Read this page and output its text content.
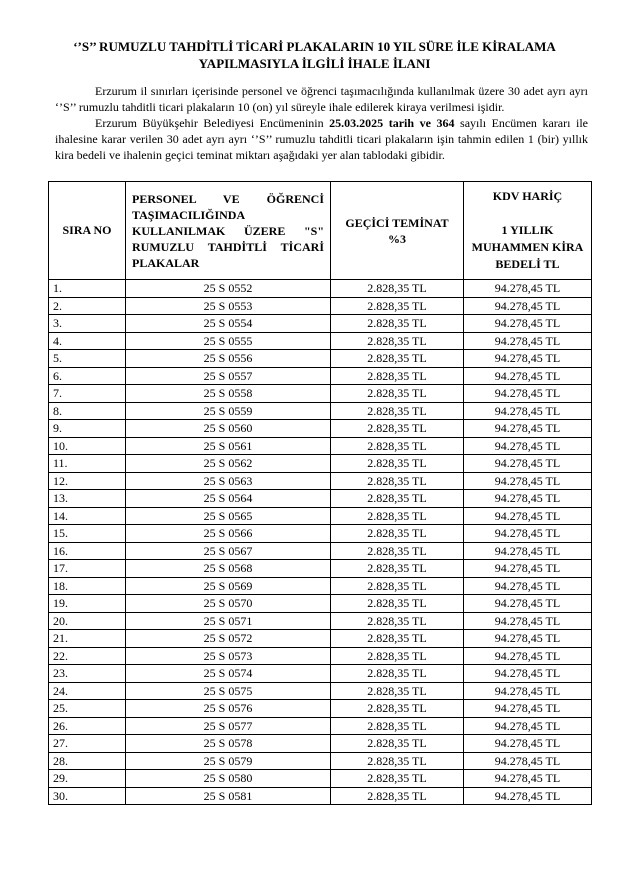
‘’S’’ RUMUZLU TAHDİTLİ TİCARİ PLAKALARIN 10 YIL SÜRE İLE KİRALAMA
YAPILMASIYLA İLGİLİ İHALE İLANI
Erzurum il sınırları içerisinde personel ve öğrenci taşımacılığında kullanılmak üzere 30 adet ayrı ayrı ‘’S’’ rumuzlu tahditli ticari plakaların 10 (on) yıl süreyle ihale edilerek kiraya verilmesi işidir.
Erzurum Büyükşehir Belediyesi Encümeninin 25.03.2025 tarih ve 364 sayılı Encümen kararı ile ihalesine karar verilen 30 adet ayrı ayrı ‘’S’’ rumuzlu tahditli ticari plakaların işin tahmin edilen 1 (bir) yıllık kira bedeli ve ihalenin geçici teminat miktarı aşağıdaki yer alan tablodaki gibidir.
SIRA NO	PERSONEL VE ÖĞRENCİ TAŞIMACILIĞINDA KULLANILMAK ÜZERE "S" RUMUZLU TAHDİTLİ TİCARİ PLAKALAR	GEÇİCİ TEMİNAT %3	KDV HARİÇ
1 YILLIK MUHAMMEN KİRA BEDELİ TL

1.	25 S 0552	2.828,35 TL	94.278,45 TL
2.	25 S 0553	2.828,35 TL	94.278,45 TL
3.	25 S 0554	2.828,35 TL	94.278,45 TL
4.	25 S 0555	2.828,35 TL	94.278,45 TL
5.	25 S 0556	2.828,35 TL	94.278,45 TL
6.	25 S 0557	2.828,35 TL	94.278,45 TL
7.	25 S 0558	2.828,35 TL	94.278,45 TL
8.	25 S 0559	2.828,35 TL	94.278,45 TL
9.	25 S 0560	2.828,35 TL	94.278,45 TL
10.	25 S 0561	2.828,35 TL	94.278,45 TL
11.	25 S 0562	2.828,35 TL	94.278,45 TL
12.	25 S 0563	2.828,35 TL	94.278,45 TL
13.	25 S 0564	2.828,35 TL	94.278,45 TL
14.	25 S 0565	2.828,35 TL	94.278,45 TL
15.	25 S 0566	2.828,35 TL	94.278,45 TL
16.	25 S 0567	2.828,35 TL	94.278,45 TL
17.	25 S 0568	2.828,35 TL	94.278,45 TL
18.	25 S 0569	2.828,35 TL	94.278,45 TL
19.	25 S 0570	2.828,35 TL	94.278,45 TL
20.	25 S 0571	2.828,35 TL	94.278,45 TL
21.	25 S 0572	2.828,35 TL	94.278,45 TL
22.	25 S 0573	2.828,35 TL	94.278,45 TL
23.	25 S 0574	2.828,35 TL	94.278,45 TL
24.	25 S 0575	2.828,35 TL	94.278,45 TL
25.	25 S 0576	2.828,35 TL	94.278,45 TL
26.	25 S 0577	2.828,35 TL	94.278,45 TL
27.	25 S 0578	2.828,35 TL	94.278,45 TL
28.	25 S 0579	2.828,35 TL	94.278,45 TL
29.	25 S 0580	2.828,35 TL	94.278,45 TL
30.	25 S 0581	2.828,35 TL	94.278,45 TL
